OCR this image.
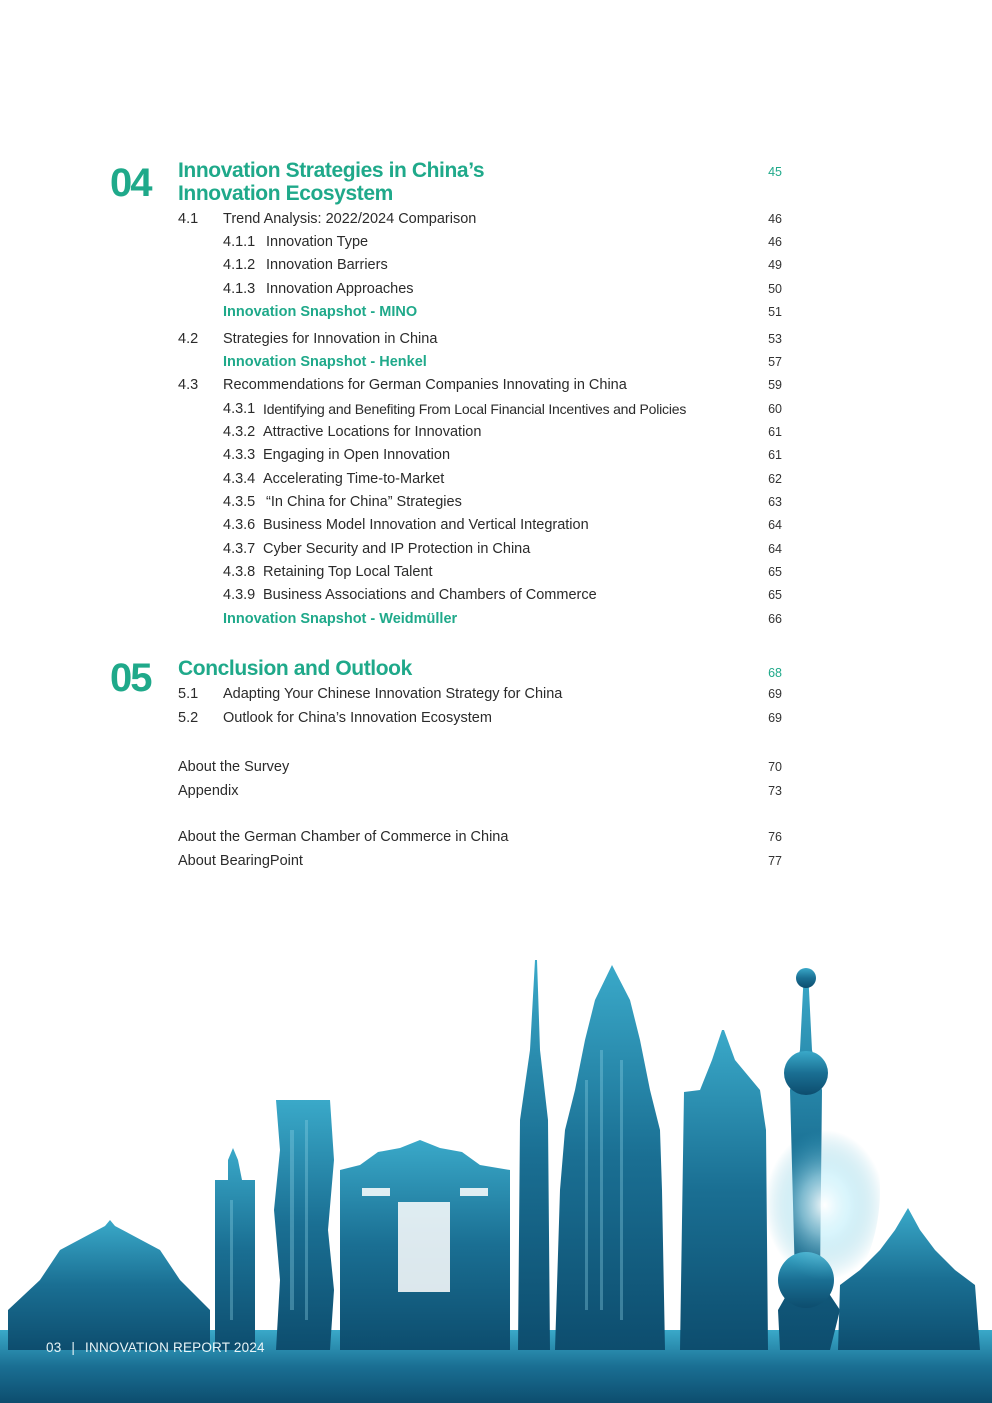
04 Innovation Strategies in China’s
Innovation Ecosystem
45
4.1 Trend Analysis: 2022/2024 Comparison	46
4.1.1 Innovation Type	46
4.1.2 Innovation Barriers	49
4.1.3 Innovation Approaches	50
Innovation Snapshot - MINO	51
4.2 Strategies for Innovation in China	53
Innovation Snapshot - Henkel	57
4.3 Recommendations for German Companies Innovating in China	59
4.3.1 Identifying and Benefiting From Local Financial Incentives and Policies	60
4.3.2 Attractive Locations for Innovation	61
4.3.3 Engaging in Open Innovation	61
4.3.4 Accelerating Time-to-Market	62
4.3.5 “In China for China” Strategies	63
4.3.6 Business Model Innovation and Vertical Integration	64
4.3.7 Cyber Security and IP Protection in China	64
4.3.8 Retaining Top Local Talent	65
4.3.9 Business Associations and Chambers of Commerce	65
Innovation Snapshot - Weidmüller	66
05 Conclusion and Outlook	68
5.1 Adapting Your Chinese Innovation Strategy for China	69
5.2 Outlook for China’s Innovation Ecosystem	69
About the Survey	70
Appendix	73
About the German Chamber of Commerce in China	76
About BearingPoint	77
03 | INNOVATION REPORT 2024
